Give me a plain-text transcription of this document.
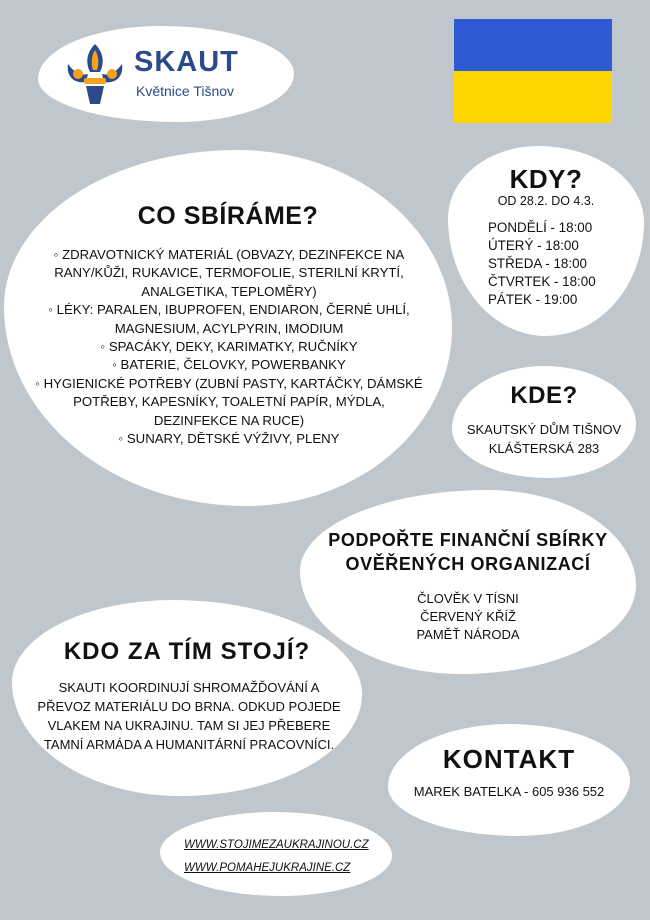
SKAUT
Květnice Tišnov
CO SBÍRÁME?
◦ ZDRAVOTNICKÝ MATERIÁL (OBVAZY, DEZINFEKCE NA RANY/KŮŽI, RUKAVICE, TERMOFOLIE, STERILNÍ KRYTÍ, ANALGETIKA, TEPLOMĚRY)
◦ LÉKY: PARALEN, IBUPROFEN, ENDIARON, ČERNÉ UHLÍ, MAGNESIUM, ACYLPYRIN, IMODIUM
◦ SPACÁKY, DEKY, KARIMATKY, RUČNÍKY
◦ BATERIE, ČELOVKY, POWERBANKY
◦ HYGIENICKÉ POTŘEBY (ZUBNÍ PASTY, KARTÁČKY, DÁMSKÉ POTŘEBY, KAPESNÍKY, TOALETNÍ PAPÍR, MÝDLA, DEZINFEKCE NA RUCE)
◦ SUNARY, DĚTSKÉ VÝŽIVY, PLENY
KDY?
OD 28.2. DO 4.3.
PONDĚLÍ - 18:00
ÚTERÝ - 18:00
STŘEDA - 18:00
ČTVRTEK - 18:00
PÁTEK - 19:00
KDE?
SKAUTSKÝ DŮM TIŠNOV
KLÁŠTERSKÁ 283
PODPOŘTE FINANČNÍ SBÍRKY
OVĚŘENÝCH ORGANIZACÍ
ČLOVĚK V TÍSNI
ČERVENÝ KŘÍŽ
PAMĚŤ NÁRODA
KDO ZA TÍM STOJÍ?
SKAUTI KOORDINUJÍ SHROMAŽĎOVÁNÍ A PŘEVOZ MATERIÁLU DO BRNA. ODKUD POJEDE VLAKEM NA UKRAJINU. TAM SI JEJ PŘEBERE TAMNÍ ARMÁDA A HUMANITÁRNÍ PRACOVNÍCI.	KONTAKT
MAREK BATELKA - 605 936 552
WWW.STOJIMEZAUKRAJINOU.CZ
WWW.POMAHEJUKRAJINE.CZ
